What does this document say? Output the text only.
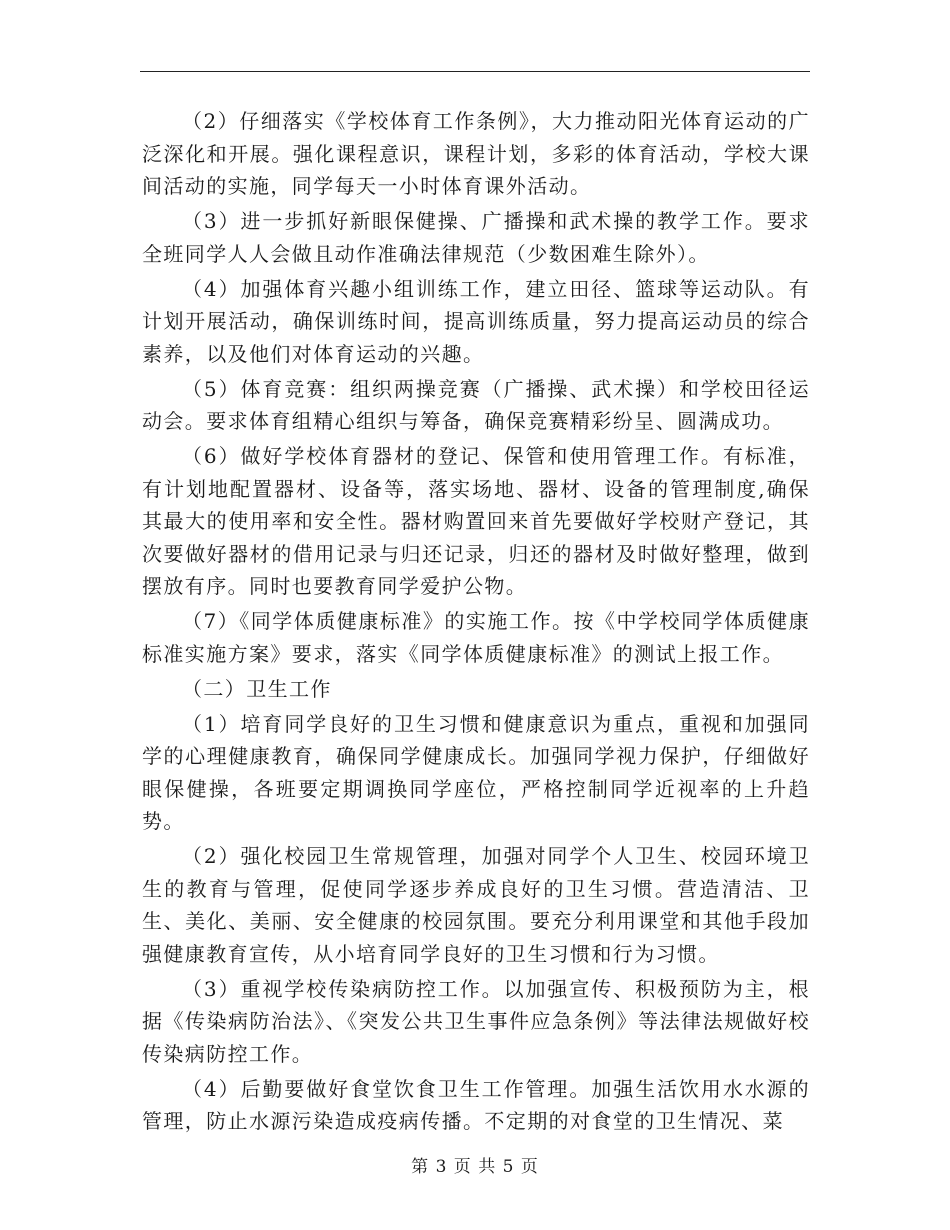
（2）仔细落实《学校体育工作条例》，大力推动阳光体育运动的广泛深化和开展。强化课程意识，课程计划，多彩的体育活动，学校大课间活动的实施，同学每天一小时体育课外活动。

（3）进一步抓好新眼保健操、广播操和武术操的教学工作。要求全班同学人人会做且动作准确法律规范（少数困难生除外）。

（4）加强体育兴趣小组训练工作，建立田径、篮球等运动队。有计划开展活动，确保训练时间，提高训练质量，努力提高运动员的综合素养，以及他们对体育运动的兴趣。

（5）体育竞赛：组织两操竞赛（广播操、武术操）和学校田径运动会。要求体育组精心组织与筹备，确保竞赛精彩纷呈、圆满成功。

（6）做好学校体育器材的登记、保管和使用管理工作。有标准，有计划地配置器材、设备等，落实场地、器材、设备的管理制度,确保其最大的使用率和安全性。器材购置回来首先要做好学校财产登记，其次要做好器材的借用记录与归还记录，归还的器材及时做好整理，做到摆放有序。同时也要教育同学爱护公物。

（7）《同学体质健康标准》的实施工作。按《中学校同学体质健康标准实施方案》要求，落实《同学体质健康标准》的测试上报工作。

（二）卫生工作

（1）培育同学良好的卫生习惯和健康意识为重点，重视和加强同学的心理健康教育，确保同学健康成长。加强同学视力保护，仔细做好眼保健操，各班要定期调换同学座位，严格控制同学近视率的上升趋势。

（2）强化校园卫生常规管理，加强对同学个人卫生、校园环境卫生的教育与管理，促使同学逐步养成良好的卫生习惯。营造清洁、卫生、美化、美丽、安全健康的校园氛围。要充分利用课堂和其他手段加强健康教育宣传，从小培育同学良好的卫生习惯和行为习惯。

（3）重视学校传染病防控工作。以加强宣传、积极预防为主，根据《传染病防治法》、《突发公共卫生事件应急条例》等法律法规做好校传染病防控工作。

（4）后勤要做好食堂饮食卫生工作管理。加强生活饮用水水源的管理，防止水源污染造成疫病传播。不定期的对食堂的卫生情况、菜

第 3 页 共 5 页
